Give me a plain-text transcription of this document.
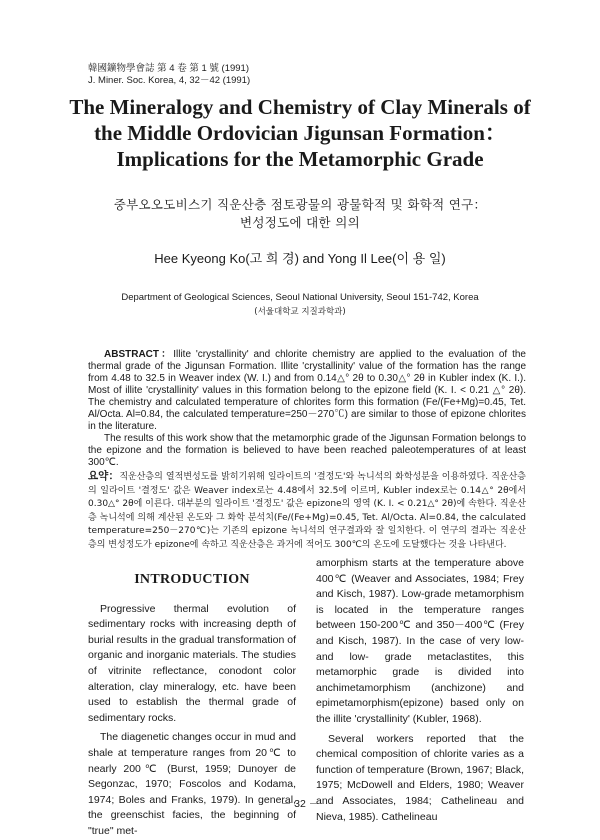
韓國鑛物學會誌 第 4 卷 第 1 號 (1991)
J. Miner. Soc. Korea, 4, 32－42 (1991)
The Mineralogy and Chemistry of Clay Minerals of
the Middle Ordovician Jigunsan Formation：
Implications for the Metamorphic Grade
중부오오도비스기 직운산층 점토광물의 광물학적 및 화학적 연구：
변성정도에 대한 의의
Hee Kyeong Ko(고 희 경) and Yong Il Lee(이 용 일)
Department of Geological Sciences, Seoul National University, Seoul 151-742, Korea
(서울대학교 지질과학과)

ABSTRACT：Illite 'crystallinity' and chlorite chemistry are applied to the evaluation of the thermal grade of the Jigunsan Formation. Illite 'crystallinity' value of the formation has the range from 4.48 to 32.5 in Weaver index (W. I.) and from 0.14△° 2θ to 0.30△° 2θ in Kubler index (K. I.). Most of illite 'crystallinity' values in this formation belong to the epizone field (K. I. < 0.21 △° 2θ). The chemistry and calculated temperature of chlorites form this formation (Fe/(Fe+Mg)=0.45, Tet. Al/Octa. Al=0.84, the calculated temperature=250－270℃) are similar to those of epizone chlorites in the literature.

The results of this work show that the metamorphic grade of the Jigunsan Formation belongs to the epizone and the formation is believed to have been reached paleotemperatures of at least 300℃.

요약：직운산층의 열적변성도를 밝히기위해 일라이트의 '결정도'와 녹니석의 화학성분을 이용하였다. 직운산층의 일라이트 '결정도' 값은 Weaver index로는 4.48에서 32.5에 이르며, Kubler index로는 0.14△° 2θ에서 0.30△° 2θ에 이른다. 대부분의 일라이트 '결정도' 값은 epizone의 영역 (K. I. < 0.21△° 2θ)에 속한다. 직운산층 녹니석에 의해 계산된 온도와 그 화학 분석치(Fe/(Fe+Mg)=0.45, Tet. Al/Octa. Al=0.84, the calculated temperature=250－270℃)는 기존의 epizone 녹니석의 연구결과와 잘 일치한다. 이 연구의 결과는 직운산층의 변성정도가 epizone에 속하고 직운산층은 과거에 적어도 300℃의 온도에 도달했다는 것을 나타낸다.
INTRODUCTION

Progressive thermal evolution of sedimentary rocks with increasing depth of burial results in the gradual transformation of organic and inorganic materials. The studies of vitrinite reflectance, conodont color alteration, clay mineralogy, etc. have been used to establish the thermal grade of sedimentary rocks.

The diagenetic changes occur in mud and shale at temperature ranges from 20℃ to nearly 200℃ (Burst, 1959; Dunoyer de Segonzac, 1970; Foscolos and Kodama, 1974; Boles and Franks, 1979). In general, the greenschist facies, the beginning of "true" met-

amorphism starts at the temperature above 400℃ (Weaver and Associates, 1984; Frey and Kisch, 1987). Low-grade metamorphism is located in the temperature ranges between 150-200℃ and 350－400℃ (Frey and Kisch, 1987). In the case of very low- and low- grade metaclastites, this metamorphic grade is divided into anchimetamorphism (anchizone) and epimetamorphism(epizone) based only on the illite 'crystallinity' (Kubler, 1968).

Several workers reported that the chemical composition of chlorite varies as a function of temperature (Brown, 1967; Black, 1975; McDowell and Elders, 1980; Weaver and Associates, 1984; Cathelineau and Nieva, 1985). Cathelineau

－ 32 －
